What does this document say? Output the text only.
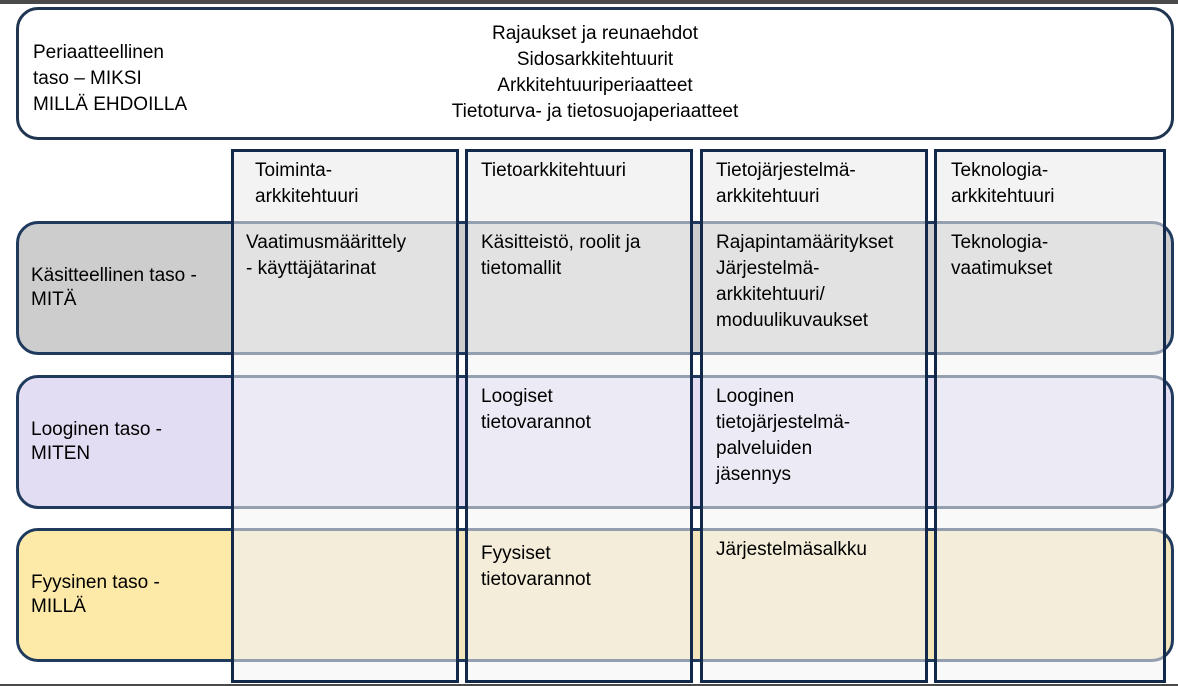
Periaatteellinen
taso – MIKSI
MILLÄ EHDOILLA
Rajaukset ja reunaehdot
Sidosarkkitehtuurit
Arkkitehtuuriperiaatteet
Tietoturva- ja tietosuojaperiaatteet
Käsitteellinen taso -
MITÄ
Looginen taso -
MITEN
Fyysinen taso -
MILLÄ
Toiminta-
arkkitehtuuri
Tietoarkkitehtuuri	Tietojärjestelmä-
arkkitehtuuri
Teknologia-
arkkitehtuuri
Vaatimusmäärittely
- käyttäjätarinat
Käsitteistö, roolit ja
tietomallit
Rajapintamääritykset
Järjestelmä-
arkkitehtuuri/
moduulikuvaukset
Teknologia-
vaatimukset
Loogiset
tietovarannot
Looginen
tietojärjestelmä-
palveluiden
jäsennys
Fyysiset
tietovarannot
Järjestelmäsalkku
